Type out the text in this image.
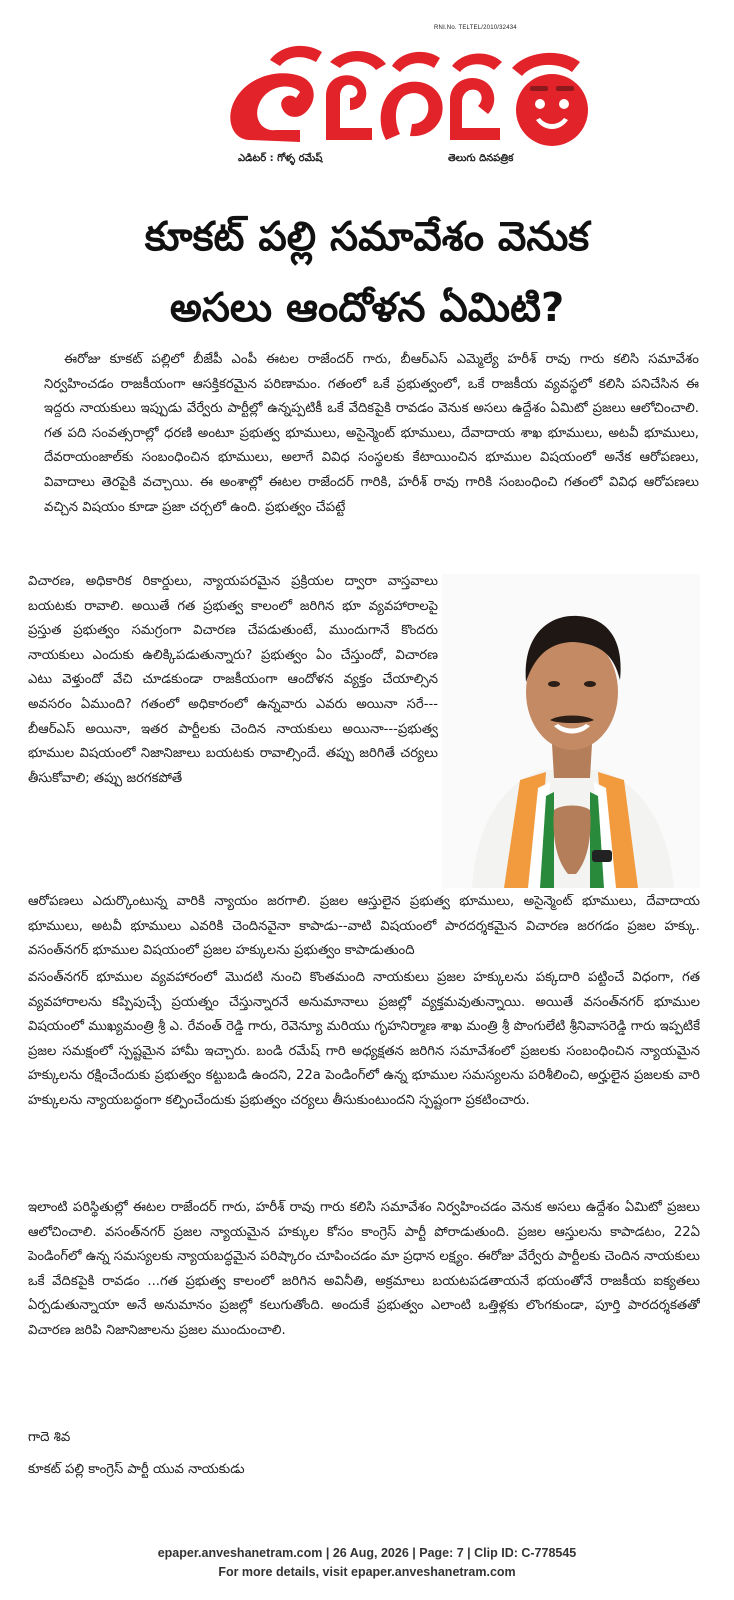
RNI.No. TELTEL/2010/32434
ఎడిటర్ : గోళ్ళ రమేష్	తెలుగు దినపత్రిక
కూకట్ పల్లి సమావేశం వెనుక
అసలు ఆందోళన ఏమిటి?

ఈరోజు కూకట్ పల్లిలో బీజేపీ ఎంపీ ఈటల రాజేందర్ గారు, బీఆర్ఎస్ ఎమ్మెల్యే హరీశ్ రావు గారు కలిసి సమావేశం నిర్వహించడం రాజకీయంగా ఆసక్తికరమైన పరిణామం. గతంలో ఒకే ప్రభుత్వంలో, ఒకే రాజకీయ వ్యవస్థలో కలిసి పనిచేసిన ఈ ఇద్దరు నాయకులు ఇప్పుడు వేర్వేరు పార్టీల్లో ఉన్నప్పటికీ ఒకే వేదికపైకి రావడం వెనుక అసలు ఉద్దేశం ఏమిటో ప్రజలు ఆలోచించాలి. గత పది సంవత్సరాల్లో ధరణి అంటూ ప్రభుత్వ భూములు, అసైన్మెంట్ భూములు, దేవాదాయ శాఖ భూములు, అటవీ భూములు, దేవరాయంజాల్‌కు సంబంధించిన భూములు, అలాగే వివిధ సంస్థలకు కేటాయించిన భూముల విషయంలో అనేక ఆరోపణలు, వివాదాలు తెరపైకి వచ్చాయి. ఈ అంశాల్లో ఈటల రాజేందర్ గారికి, హరీశ్ రావు గారికి సంబంధించి గతంలో వివిధ ఆరోపణలు వచ్చిన విషయం కూడా ప్రజా చర్చలో ఉంది. ప్రభుత్వం చేపట్టే

విచారణ, అధికారిక రికార్డులు, న్యాయపరమైన ప్రక్రియల ద్వారా వాస్తవాలు బయటకు రావాలి. అయితే గత ప్రభుత్వ కాలంలో జరిగిన భూ వ్యవహారాలపై ప్రస్తుత ప్రభుత్వం సమగ్రంగా విచారణ చేపడుతుంటే, ముందుగానే కొందరు నాయకులు ఎందుకు ఉలిక్కిపడుతున్నారు? ప్రభుత్వం ఏం చేస్తుందో, విచారణ ఎటు వెళ్తుందో వేచి చూడకుండా రాజకీయంగా ఆందోళన వ్యక్తం చేయాల్సిన అవసరం ఏముంది? గతంలో అధికారంలో ఉన్నవారు ఎవరు అయినా సరే---బీఆర్ఎస్ అయినా, ఇతర పార్టీలకు చెందిన నాయకులు అయినా---ప్రభుత్వ భూముల విషయంలో నిజానిజాలు బయటకు రావాల్సిందే. తప్పు జరిగితే చర్యలు తీసుకోవాలి; తప్పు జరగకపోతే

ఆరోపణలు ఎదుర్కొంటున్న వారికి న్యాయం జరగాలి. ప్రజల ఆస్తులైన ప్రభుత్వ భూములు, అసైన్మెంట్ భూములు, దేవాదాయ భూములు, అటవీ భూములు ఎవరికి చెందినవైనా కాపాడు--వాటి విషయంలో పారదర్శకమైన విచారణ జరగడం ప్రజల హక్కు. వసంత్‌నగర్ భూముల విషయంలో ప్రజల హక్కులను ప్రభుత్వం కాపాడుతుంది

వసంత్‌నగర్ భూముల వ్యవహారంలో మొదటి నుంచి కొంతమంది నాయకులు ప్రజల హక్కులను పక్కదారి పట్టించే విధంగా, గత వ్యవహారాలను కప్పిపుచ్చే ప్రయత్నం చేస్తున్నారనే అనుమానాలు ప్రజల్లో వ్యక్తమవుతున్నాయి. అయితే వసంత్‌నగర్ భూముల విషయంలో ముఖ్యమంత్రి శ్రీ ఎ. రేవంత్ రెడ్డి గారు, రెవెన్యూ మరియు గృహనిర్మాణ శాఖ మంత్రి శ్రీ పొంగులేటి శ్రీనివాసరెడ్డి గారు ఇప్పటికే ప్రజల సమక్షంలో స్పష్టమైన హామీ ఇచ్చారు. బండి రమేష్ గారి అధ్యక్షతన జరిగిన సమావేశంలో ప్రజలకు సంబంధించిన న్యాయమైన హక్కులను రక్షించేందుకు ప్రభుత్వం కట్టుబడి ఉందని, 22a పెండింగ్‌లో ఉన్న భూముల సమస్యలను పరిశీలించి, అర్హులైన ప్రజలకు వారి హక్కులను న్యాయబద్ధంగా కల్పించేందుకు ప్రభుత్వం చర్యలు తీసుకుంటుందని స్పష్టంగా ప్రకటించారు.

ఇలాంటి పరిస్థితుల్లో ఈటల రాజేందర్ గారు, హరీశ్ రావు గారు కలిసి సమావేశం నిర్వహించడం వెనుక అసలు ఉద్దేశం ఏమిటో ప్రజలు ఆలోచించాలి. వసంత్‌నగర్ ప్రజల న్యాయమైన హక్కుల కోసం కాంగ్రెస్ పార్టీ పోరాడుతుంది. ప్రజల ఆస్తులను కాపాడటం, 22ఏ పెండింగ్‌లో ఉన్న సమస్యలకు న్యాయబద్ధమైన పరిష్కారం చూపించడం మా ప్రధాన లక్ష్యం. ఈరోజు వేర్వేరు పార్టీలకు చెందిన నాయకులు ఒకే వేదికపైకి రావడం ...గత ప్రభుత్వ కాలంలో జరిగిన అవినీతి, అక్రమాలు బయటపడతాయనే భయంతోనే రాజకీయ ఐక్యతలు ఏర్పడుతున్నాయా అనే అనుమానం ప్రజల్లో కలుగుతోంది. అందుకే ప్రభుత్వం ఎలాంటి ఒత్తిళ్లకు లొంగకుండా, పూర్తి పారదర్శకతతో విచారణ జరిపి నిజానిజాలను ప్రజల ముందుంచాలి.

గాదె శివ
కూకట్ పల్లి కాంగ్రెస్ పార్టీ యువ నాయకుడు
epaper.anveshanetram.com | 26 Aug, 2026 | Page: 7 | Clip ID: C-778545
For more details, visit epaper.anveshanetram.com
